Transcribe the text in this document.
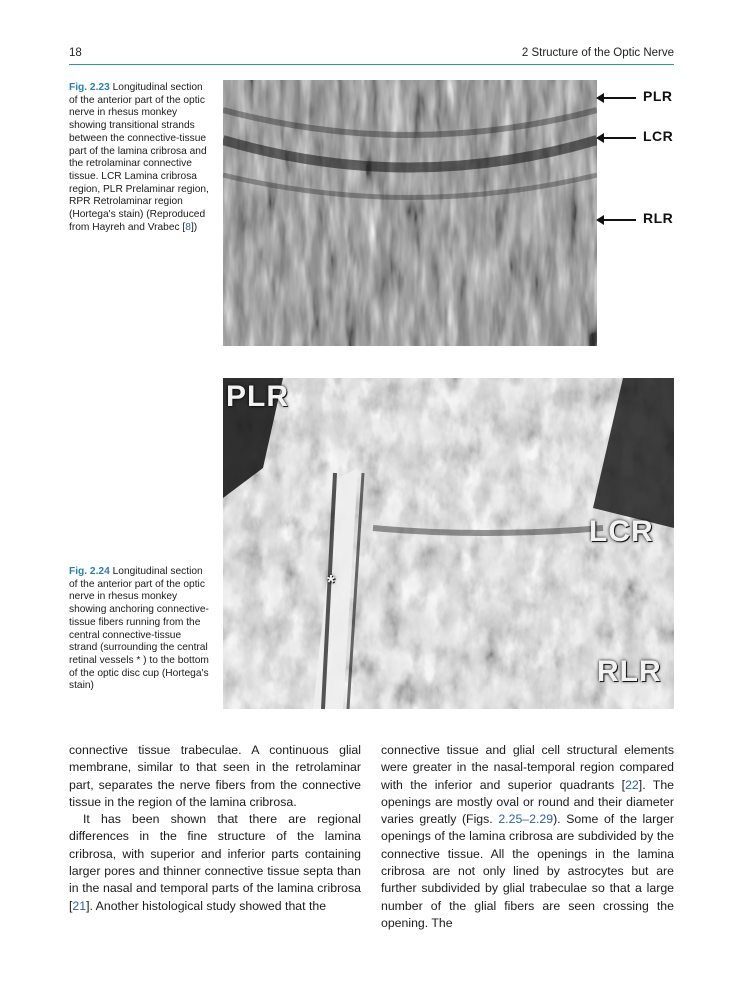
18	2 Structure of the Optic Nerve
Fig. 2.23 Longitudinal section of the anterior part of the optic nerve in rhesus monkey showing transitional strands between the connective-tissue part of the lamina cribrosa and the retrolaminar connective tissue. LCR Lamina cribrosa region, PLR Prelaminar region, RPR Retrolaminar region (Hortega's stain) (Reproduced from Hayreh and Vrabec [8])
PLR
LCR
RLR
Fig. 2.24 Longitudinal section of the anterior part of the optic nerve in rhesus monkey showing anchoring connective-tissue fibers running from the central connective-tissue strand (surrounding the central retinal vessels * ) to the bottom of the optic disc cup (Hortega's stain)
PLR
LCR
RLR
*

connective tissue trabeculae. A continuous glial membrane, similar to that seen in the retrolaminar part, separates the nerve fibers from the connective tissue in the region of the lamina cribrosa.

It has been shown that there are regional differences in the fine structure of the lamina cribrosa, with superior and inferior parts containing larger pores and thinner connective tissue septa than in the nasal and temporal parts of the lamina cribrosa [21]. Another histological study showed that the

connective tissue and glial cell structural elements were greater in the nasal-temporal region compared with the inferior and superior quadrants [22]. The openings are mostly oval or round and their diameter varies greatly (Figs. 2.25–2.29). Some of the larger openings of the lamina cribrosa are subdivided by the connective tissue. All the openings in the lamina cribrosa are not only lined by astrocytes but are further subdivided by glial trabeculae so that a large number of the glial fibers are seen crossing the opening. The
